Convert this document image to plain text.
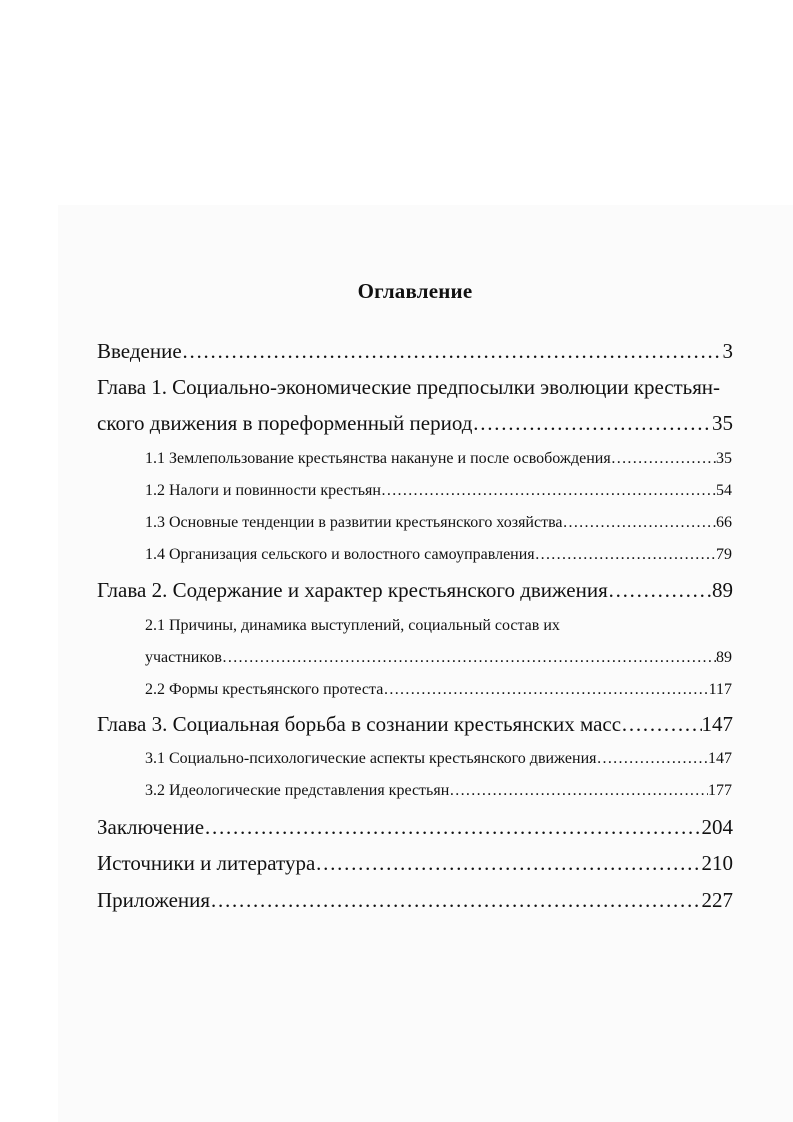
Оглавление
Введение ………………………………………………………………………………………………………………………………………………………………	3
Глава 1. Социально-экономические предпосылки эволюции крестьян-
ского движения в пореформенный период ………………………………………………………………………………………………………………………………………………………………	35
1.1 Землепользование крестьянства накануне и после освобождения ………………………………………………………………………………………………………………………………………………………………	35
1.2 Налоги и повинности крестьян ………………………………………………………………………………………………………………………………………………………………	54
1.3 Основные тенденции в развитии крестьянского хозяйства ………………………………………………………………………………………………………………………………………………………………	66
1.4 Организация сельского и волостного самоуправления ………………………………………………………………………………………………………………………………………………………………	79
Глава 2. Содержание и характер крестьянского движения ………………………………………………………………………………………………………………………………………………………………	89
2.1 Причины, динамика выступлений, социальный состав их
участников ………………………………………………………………………………………………………………………………………………………………	89
2.2 Формы крестьянского протеста ………………………………………………………………………………………………………………………………………………………………	117
Глава 3. Социальная борьба в сознании крестьянских масс ………………………………………………………………………………………………………………………………………………………………	147
3.1 Социально-психологические аспекты крестьянского движения ………………………………………………………………………………………………………………………………………………………………	147
3.2 Идеологические представления крестьян ………………………………………………………………………………………………………………………………………………………………	177
Заключение ………………………………………………………………………………………………………………………………………………………………	204
Источники и литература ………………………………………………………………………………………………………………………………………………………………	210
Приложения ………………………………………………………………………………………………………………………………………………………………	227
